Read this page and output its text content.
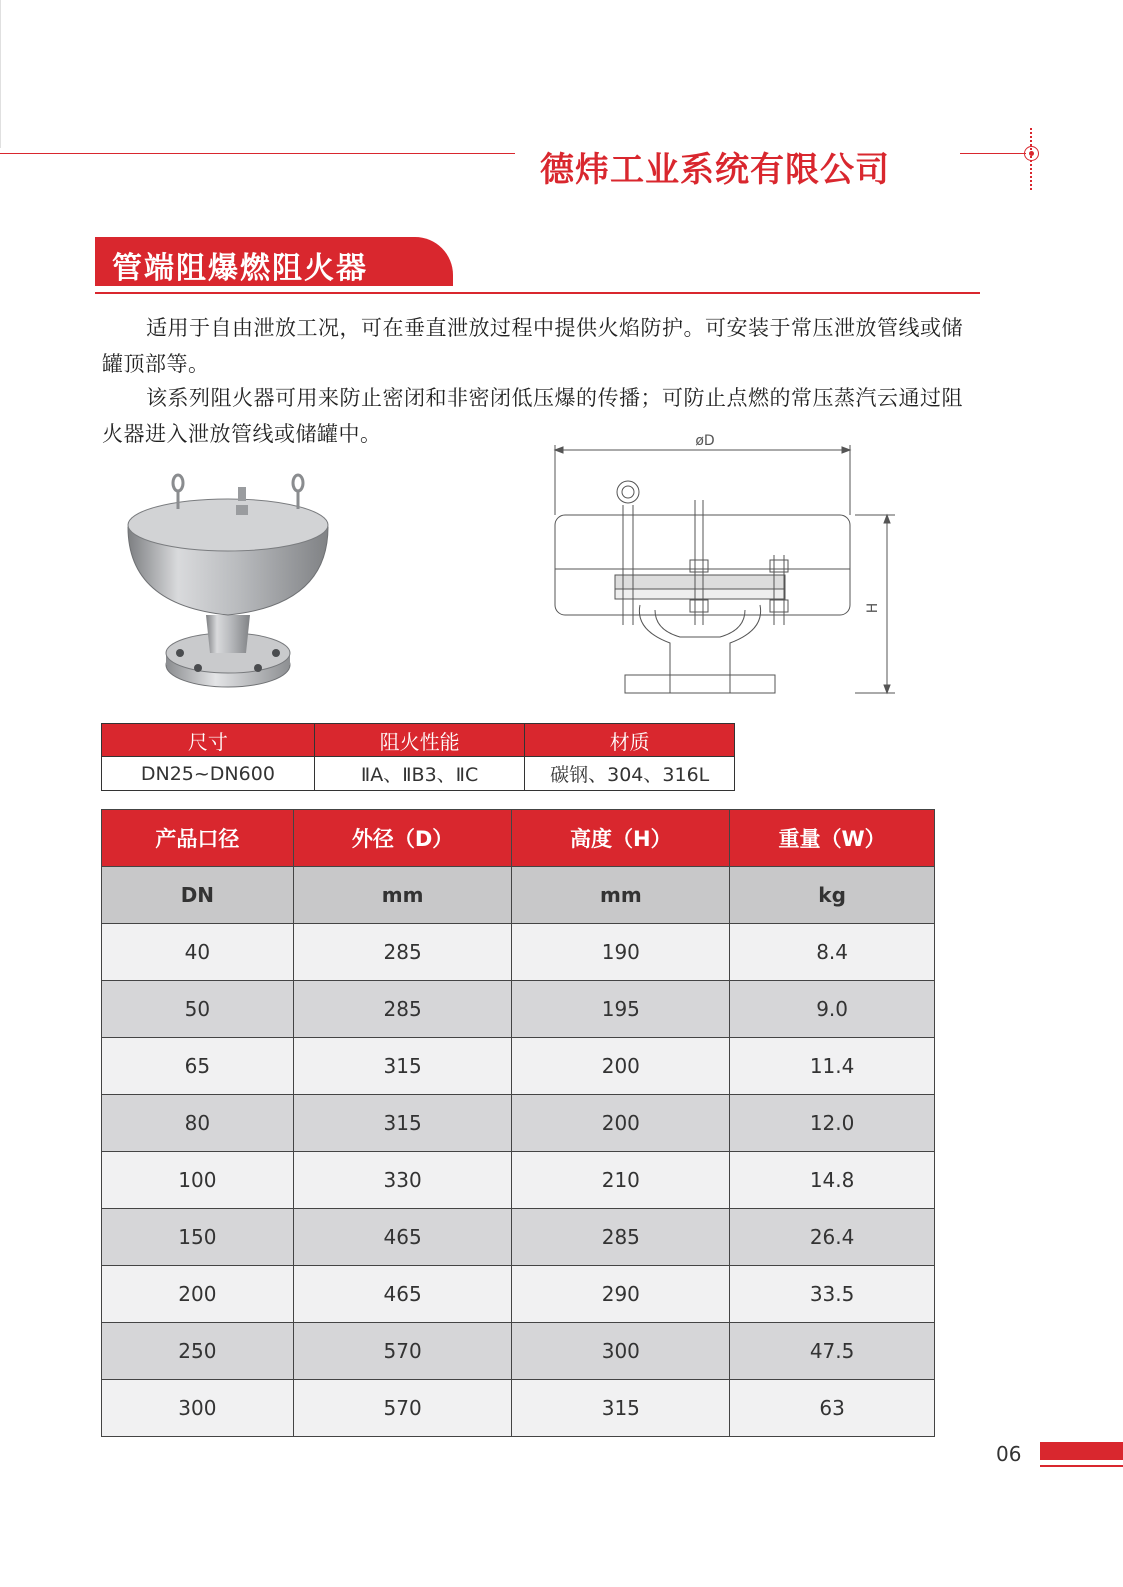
德炜工业系统有限公司
管端阻爆燃阻火器

适用于自由泄放工况，可在垂直泄放过程中提供火焰防护。可安装于常压泄放管线或储罐顶部等。

该系列阻火器可用来防止密闭和非密闭低压爆的传播；可防止点燃的常压蒸汽云通过阻火器进入泄放管线或储罐中。	øD
H
尺寸	阻火性能	材质
DN25~DN600	ⅡA、ⅡB3、ⅡC	碳钢、304、316L
产品口径	外径（D）	高度（H）	重量（W）
DN	mm	mm	kg
40	285	190	8.4
50	285	195	9.0
65	315	200	11.4
80	315	200	12.0
100	330	210	14.8
150	465	285	26.4
200	465	290	33.5
250	570	300	47.5
300	570	315	63
06
